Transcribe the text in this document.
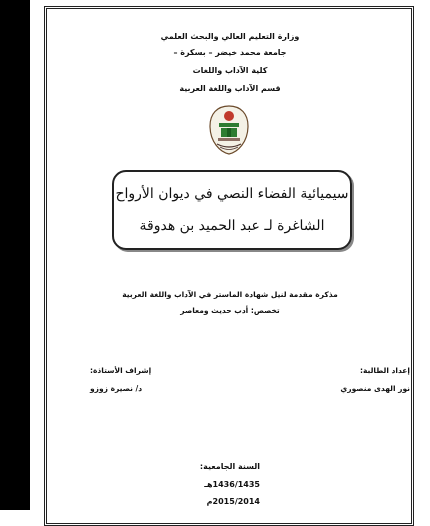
وزارة التعليم العالي والبحث العلمي
جامعة محمد خيضر – بسكرة –
كلية الآداب واللغات
قسم الآداب واللغة العربية
سيميائية الفضاء النصي في ديوان الأرواح
الشاغرة لـ عبد الحميد بن هدوقة
مذكرة مقدمة لنيل شهادة الماستر في الآداب واللغة العربية
تخصص: أدب حديث ومعاصر
إعداد الطالبة:
نور الهدى منصوري
إشراف الأستاذة:
د/ نصيرة زوزو
السنة الجامعية:
1436/1435هـ
2015/2014م
